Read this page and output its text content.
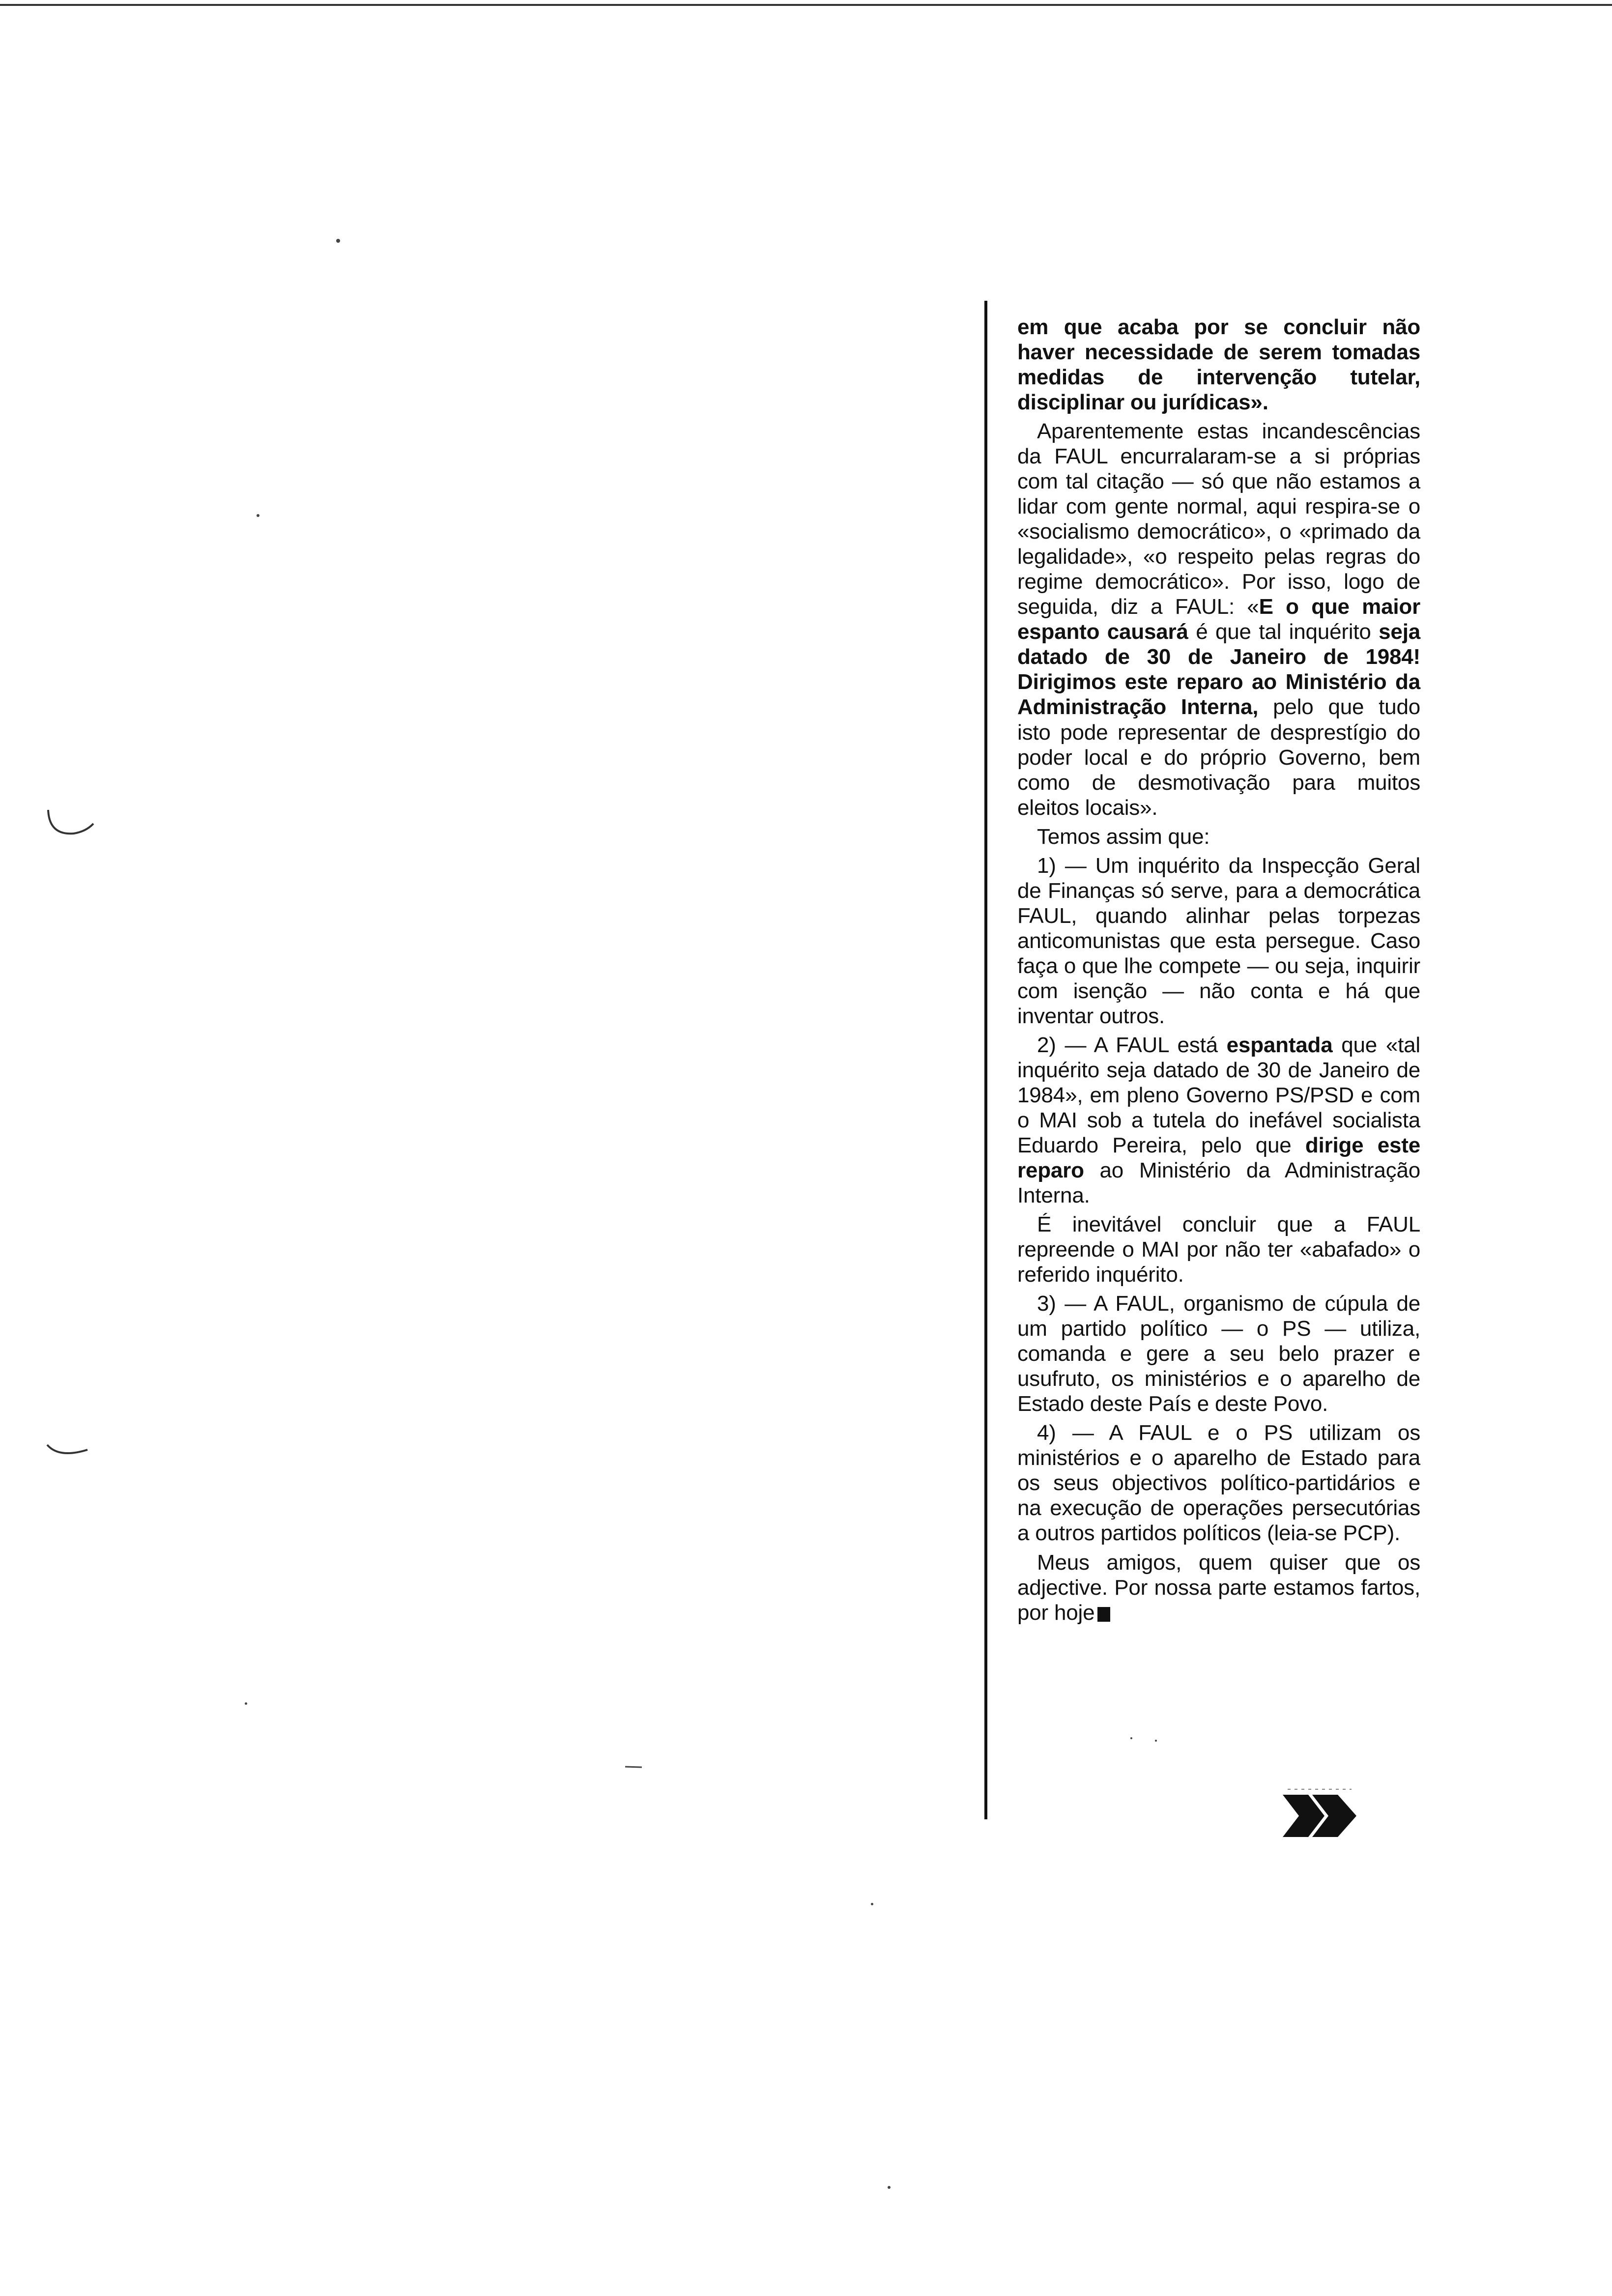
em que acaba por se concluir não haver necessidade de serem tomadas medidas de intervenção tutelar, disciplinar ou jurídicas».

Aparentemente estas incandescências da FAUL encurralaram-se a si próprias com tal citação — só que não estamos a lidar com gente normal, aqui respira-se o «socialismo democrático», o «primado da legalidade», «o respeito pelas regras do regime democrático». Por isso, logo de seguida, diz a FAUL: «E o que maior espanto causará é que tal inquérito seja datado de 30 de Janeiro de 1984! Dirigimos este reparo ao Ministério da Administração Interna, pelo que tudo isto pode representar de desprestígio do poder local e do próprio Governo, bem como de desmotivação para muitos eleitos locais».

Temos assim que:

1) — Um inquérito da Inspecção Geral de Finanças só serve, para a democrática FAUL, quando alinhar pelas torpezas anticomunistas que esta persegue. Caso faça o que lhe compete — ou seja, inquirir com isenção — não conta e há que inventar outros.

2) — A FAUL está espantada que «tal inquérito seja datado de 30 de Janeiro de 1984», em pleno Governo PS/PSD e com o MAI sob a tutela do inefável socialista Eduardo Pereira, pelo que dirige este reparo ao Ministério da Administração Interna.

É inevitável concluir que a FAUL repreende o MAI por não ter «abafado» o referido inquérito.

3) — A FAUL, organismo de cúpula de um partido político — o PS — utiliza, comanda e gere a seu belo prazer e usufruto, os ministérios e o aparelho de Estado deste País e deste Povo.

4) — A FAUL e o PS utilizam os ministérios e o aparelho de Estado para os seus objectivos político-partidários e na execução de operações persecutórias a outros partidos políticos (leia-se PCP).

Meus amigos, quem quiser que os adjective. Por nossa parte estamos fartos, por hoje
